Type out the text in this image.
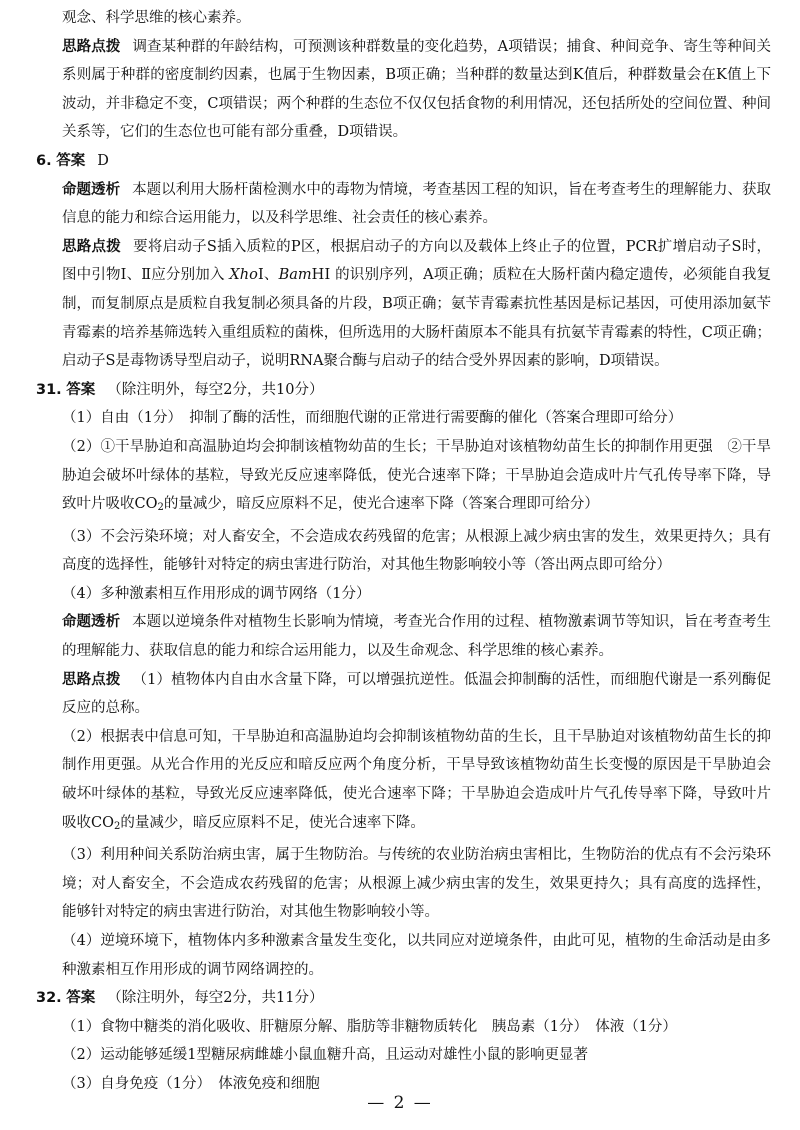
观念、科学思维的核心素养。

思路点拨 调查某种群的年龄结构，可预测该种群数量的变化趋势，A项错误；捕食、种间竞争、寄生等种间关系则属于种群的密度制约因素，也属于生物因素，B项正确；当种群的数量达到K值后，种群数量会在K值上下波动，并非稳定不变，C项错误；两个种群的生态位不仅仅包括食物的利用情况，还包括所处的空间位置、种间关系等，它们的生态位也可能有部分重叠，D项错误。

6. 答案 D

命题透析 本题以利用大肠杆菌检测水中的毒物为情境，考查基因工程的知识，旨在考查考生的理解能力、获取信息的能力和综合运用能力，以及科学思维、社会责任的核心素养。

思路点拨 要将启动子S插入质粒的P区，根据启动子的方向以及载体上终止子的位置，PCR扩增启动子S时，图中引物Ⅰ、Ⅱ应分别加入 XhoⅠ、BamHⅠ 的识别序列，A项正确；质粒在大肠杆菌内稳定遗传，必须能自我复制，而复制原点是质粒自我复制必须具备的片段，B项正确；氨苄青霉素抗性基因是标记基因，可使用添加氨苄青霉素的培养基筛选转入重组质粒的菌株，但所选用的大肠杆菌原本不能具有抗氨苄青霉素的特性，C项正确；启动子S是毒物诱导型启动子，说明RNA聚合酶与启动子的结合受外界因素的影响，D项错误。

31. 答案 （除注明外，每空2分，共10分）

（1）自由（1分）　抑制了酶的活性，而细胞代谢的正常进行需要酶的催化（答案合理即可给分）

（2）①干旱胁迫和高温胁迫均会抑制该植物幼苗的生长；干旱胁迫对该植物幼苗生长的抑制作用更强　②干旱胁迫会破坏叶绿体的基粒，导致光反应速率降低，使光合速率下降；干旱胁迫会造成叶片气孔传导率下降，导致叶片吸收$CO_2$的量减少，暗反应原料不足，使光合速率下降（答案合理即可给分）

（3）不会污染环境；对人畜安全，不会造成农药残留的危害；从根源上减少病虫害的发生，效果更持久；具有高度的选择性，能够针对特定的病虫害进行防治，对其他生物影响较小等（答出两点即可给分）

（4）多种激素相互作用形成的调节网络（1分）

命题透析 本题以逆境条件对植物生长影响为情境，考查光合作用的过程、植物激素调节等知识，旨在考查考生的理解能力、获取信息的能力和综合运用能力，以及生命观念、科学思维的核心素养。

思路点拨 （1）植物体内自由水含量下降，可以增强抗逆性。低温会抑制酶的活性，而细胞代谢是一系列酶促反应的总称。

（2）根据表中信息可知，干旱胁迫和高温胁迫均会抑制该植物幼苗的生长，且干旱胁迫对该植物幼苗生长的抑制作用更强。从光合作用的光反应和暗反应两个角度分析，干旱导致该植物幼苗生长变慢的原因是干旱胁迫会破坏叶绿体的基粒，导致光反应速率降低，使光合速率下降；干旱胁迫会造成叶片气孔传导率下降，导致叶片吸收$CO_2$的量减少，暗反应原料不足，使光合速率下降。

（3）利用种间关系防治病虫害，属于生物防治。与传统的农业防治病虫害相比，生物防治的优点有不会污染环境；对人畜安全，不会造成农药残留的危害；从根源上减少病虫害的发生，效果更持久；具有高度的选择性，能够针对特定的病虫害进行防治，对其他生物影响较小等。

（4）逆境环境下，植物体内多种激素含量发生变化，以共同应对逆境条件，由此可见，植物的生命活动是由多种激素相互作用形成的调节网络调控的。

32. 答案 （除注明外，每空2分，共11分）

（1）食物中糖类的消化吸收、肝糖原分解、脂肪等非糖物质转化　胰岛素（1分）　体液（1分）

（2）运动能够延缓1型糖尿病雌雄小鼠血糖升高，且运动对雄性小鼠的影响更显著

（3）自身免疫（1分）　体液免疫和细胞

— 2 —
